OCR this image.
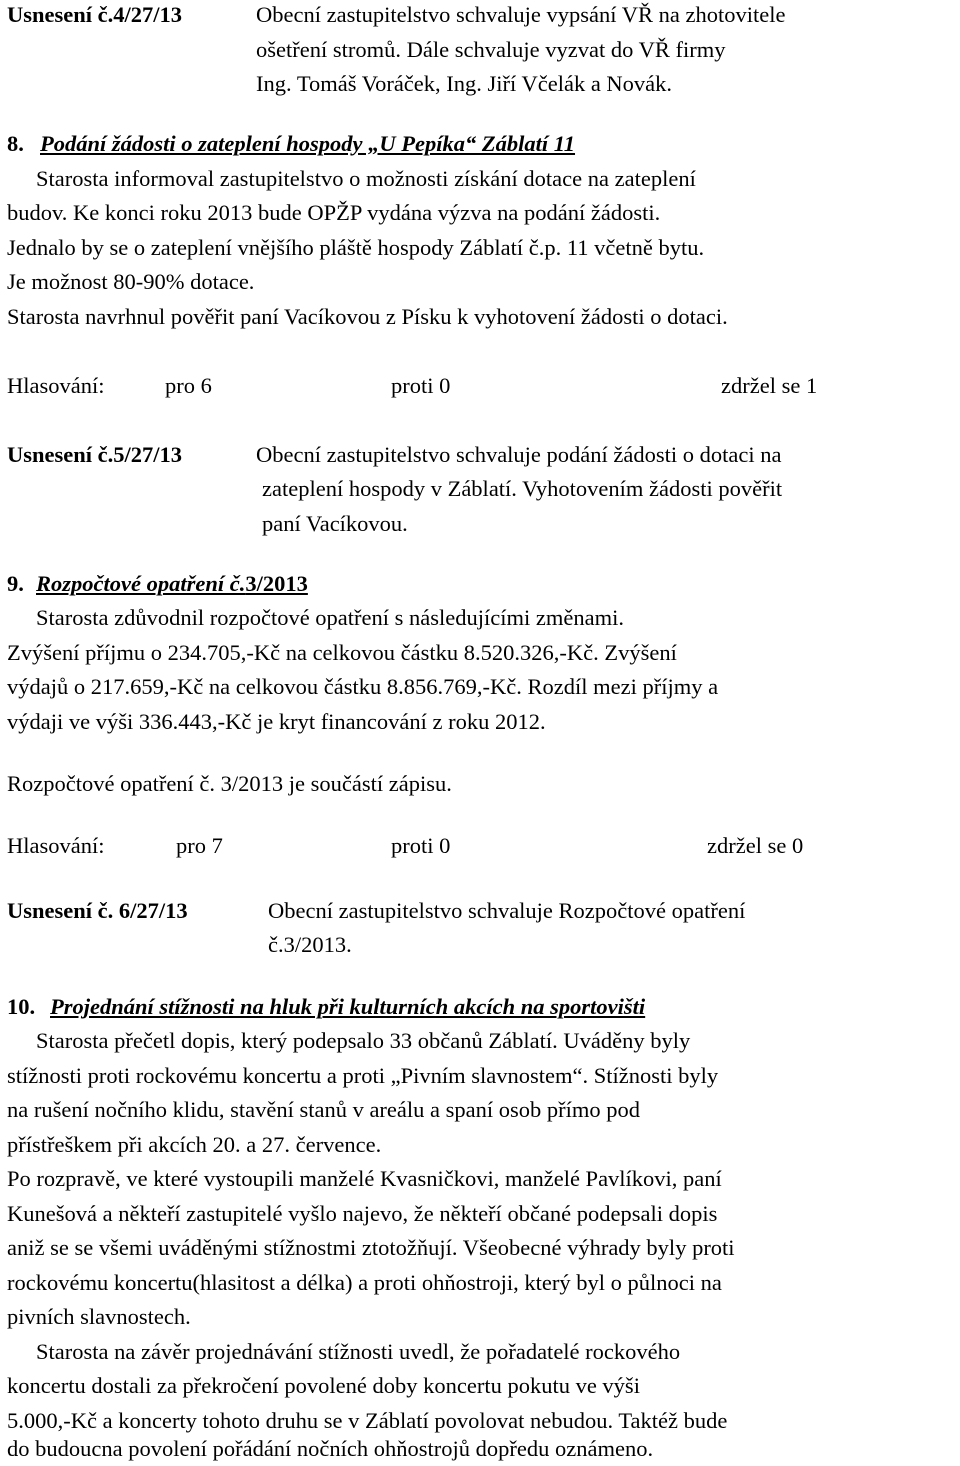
Usnesení č.4/27/13	Obecní zastupitelstvo schvaluje vypsání VŘ na zhotovitele
ošetření stromů. Dále schvaluje vyzvat do VŘ firmy
Ing. Tomáš Voráček, Ing. Jiří Včelák a Novák.
8. Podání žádosti o zateplení hospody „U Pepíka“ Záblatí 11
Starosta informoval zastupitelstvo o možnosti získání dotace na zateplení
budov. Ke konci roku 2013 bude OPŽP vydána výzva na podání žádosti.
Jednalo by se o zateplení vnějšího pláště hospody Záblatí č.p. 11 včetně bytu.
Je možnost 80-90% dotace.
Starosta navrhnul pověřit paní Vacíkovou z Písku k vyhotovení žádosti o dotaci.
Hlasování:	pro 6	proti 0	zdržel se 1
Usnesení č.5/27/13	Obecní zastupitelstvo schvaluje podání žádosti o dotaci na
zateplení hospody v Záblatí. Vyhotovením žádosti pověřit
paní Vacíkovou.
9. Rozpočtové opatření č.3/2013
Starosta zdůvodnil rozpočtové opatření s následujícími změnami.
Zvýšení příjmu o 234.705,-Kč na celkovou částku 8.520.326,-Kč. Zvýšení
výdajů o 217.659,-Kč na celkovou částku 8.856.769,-Kč. Rozdíl mezi příjmy a
výdaji ve výši 336.443,-Kč je kryt financování z roku 2012.
Rozpočtové opatření č. 3/2013 je součástí zápisu.
Hlasování:	pro 7	proti 0	zdržel se 0
Usnesení č. 6/27/13	Obecní zastupitelstvo schvaluje Rozpočtové opatření
č.3/2013.
10. Projednání stížnosti na hluk při kulturních akcích na sportovišti
Starosta přečetl dopis, který podepsalo 33 občanů Záblatí. Uváděny byly
stížnosti proti rockovému koncertu a proti „Pivním slavnostem“. Stížnosti byly
na rušení nočního klidu, stavění stanů v areálu a spaní osob přímo pod
přístřeškem při akcích 20. a 27. července.
Po rozpravě, ve které vystoupili manželé Kvasničkovi, manželé Pavlíkovi, paní
Kunešová a někteří zastupitelé vyšlo najevo, že někteří občané podepsali dopis
aniž se se všemi uváděnými stížnostmi ztotožňují. Všeobecné výhrady byly proti
rockovému koncertu(hlasitost a délka) a proti ohňostroji, který byl o půlnoci na
pivních slavnostech.
Starosta na závěr projednávání stížnosti uvedl, že pořadatelé rockového
koncertu dostali za překročení povolené doby koncertu pokutu ve výši
5.000,-Kč a koncerty tohoto druhu se v Záblatí povolovat nebudou. Taktéž bude
do budoucna povolení pořádání nočních ohňostrojů dopředu oznámeno.
